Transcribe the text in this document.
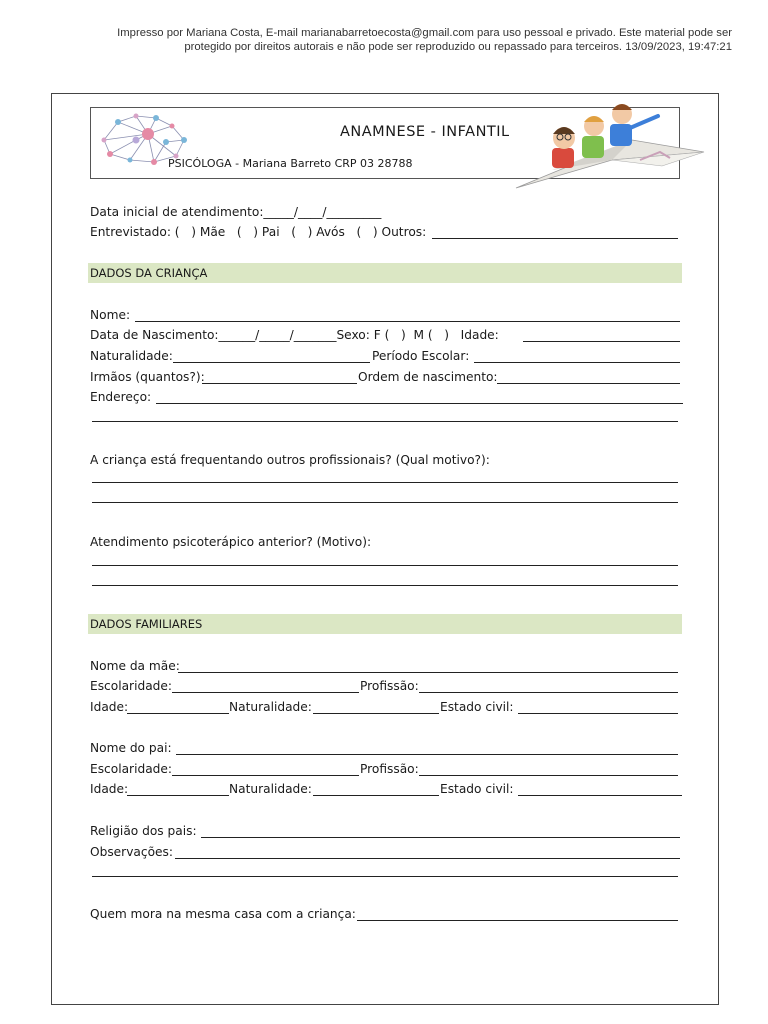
Impresso por Mariana Costa, E-mail marianabarretoecosta@gmail.com para uso pessoal e privado. Este material pode ser
protegido por direitos autorais e não pode ser reproduzido ou repassado para terceiros. 13/09/2023, 19:47:21
ANAMNESE - INFANTIL
PSICÓLOGA - Mariana Barreto CRP 03 28788
Data inicial de atendimento:_____/____/_________
Entrevistado: (   ) Mãe   (   ) Pai   (   ) Avós   (   ) Outros:
DADOS DA CRIANÇA
Nome:
Data de Nascimento:______/_____/_______Sexo: F (   )  M (   )   Idade:
Naturalidade:	Período Escolar:
Irmãos (quantos?):	Ordem de nascimento:
Endereço:
A criança está frequentando outros profissionais? (Qual motivo?):
Atendimento psicoterápico anterior? (Motivo):
DADOS FAMILIARES
Nome da mãe:
Escolaridade:	Profissão:
Idade:	Naturalidade:	Estado civil:
Nome do pai:
Escolaridade:	Profissão:
Idade:	Naturalidade:	Estado civil:
Religião dos pais:
Observações:
Quem mora na mesma casa com a criança:
